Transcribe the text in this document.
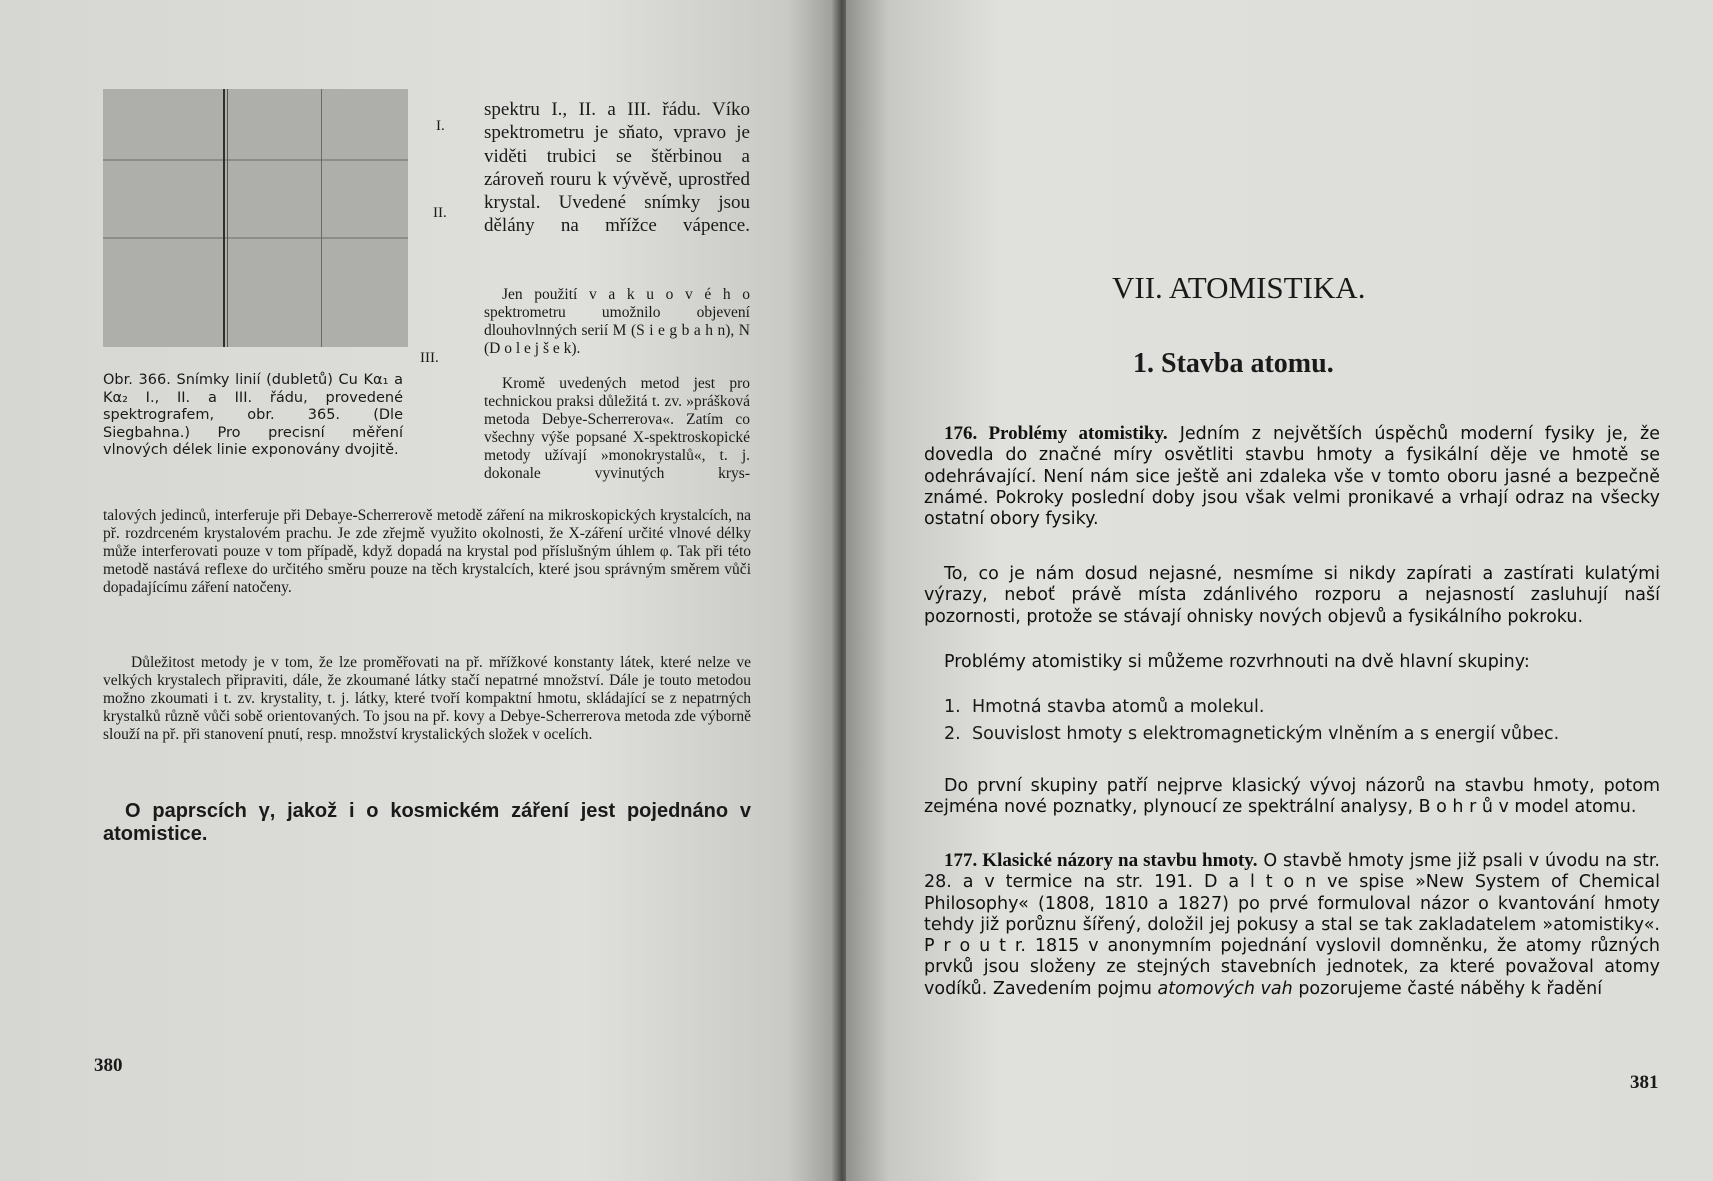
I.
II.
III.

spektru I., II. a III. řádu. Víko spektrometru je sňato, vpravo je viděti trubici se štěrbinou a zároveň rouru k vývěvě, uprostřed krystal. Uvedené snímky jsou dělány na mřížce vápence.

Jen použití v a k u o v é h o spektrometru umožnilo objevení dlouhovlnných serií M (S i e g b a h n), N (D o l e j š e k).

Kromě uvedených metod jest pro technickou praksi důležitá t. zv. »prášková metoda Debye-Scherrerova«. Zatím co všechny výše popsané X-spektroskopické metody užívají »monokrystalů«, t. j. dokonale vyvinutých krys-

Obr. 366. Snímky linií (dubletů) Cu Kα₁ a Kα₂ I., II. a III. řádu, provedené spektrografem, obr. 365. (Dle Siegbahna.) Pro precisní měření vlnových délek linie exponovány dvojitě.

talových jedinců, interferuje při Debaye-Scherrerově metodě záření na mikroskopických krystalcích, na př. rozdrceném krystalovém prachu. Je zde zřejmě využito okolnosti, že X-záření určité vlnové délky může interferovati pouze v tom případě, když dopadá na krystal pod příslušným úhlem φ. Tak při této metodě nastává reflexe do určitého směru pouze na těch krystalcích, které jsou správným směrem vůči dopadajícímu záření natočeny.

Důležitost metody je v tom, že lze proměřovati na př. mřížkové konstanty látek, které nelze ve velkých krystalech připraviti, dále, že zkoumané látky stačí nepatrné množství. Dále je touto metodou možno zkoumati i t. zv. krystality, t. j. látky, které tvoří kompaktní hmotu, skládající se z nepatrných krystalků různě vůči sobě orientovaných. To jsou na př. kovy a Debye-Scherrerova metoda zde výborně slouží na př. při stanovení pnutí, resp. množství krystalických složek v ocelích.

O paprscích γ, jakož i o kosmickém záření jest pojednáno v atomistice.

380
VII. ATOMISTIKA.
1. Stavba atomu.

176. Problémy atomistiky. Jedním z největších úspěchů moderní fysiky je, že dovedla do značné míry osvětliti stavbu hmoty a fysikální děje ve hmotě se odehrávající. Není nám sice ještě ani zdaleka vše v tomto oboru jasné a bezpečně známé. Pokroky poslední doby jsou však velmi pronikavé a vrhají odraz na všecky ostatní obory fysiky.

To, co je nám dosud nejasné, nesmíme si nikdy zapírati a zastírati kulatými výrazy, neboť právě místa zdánlivého rozporu a nejasností zasluhují naší pozornosti, protože se stávají ohnisky nových objevů a fysikálního pokroku.

Problémy atomistiky si můžeme rozvrhnouti na dvě hlavní skupiny:

1. Hmotná stavba atomů a molekul.

2. Souvislost hmoty s elektromagnetickým vlněním a s energií vůbec.

Do první skupiny patří nejprve klasický vývoj názorů na stavbu hmoty, potom zejména nové poznatky, plynoucí ze spektrální analysy, B o h r ů v model atomu.

177. Klasické názory na stavbu hmoty. O stavbě hmoty jsme již psali v úvodu na str. 28. a v termice na str. 191. D a l t o n ve spise »New System of Chemical Philosophy« (1808, 1810 a 1827) po prvé formuloval názor o kvantování hmoty tehdy již porůznu šířený, doložil jej pokusy a stal se tak zakladatelem »atomistiky«. P r o u t r. 1815 v anonymním pojednání vyslovil domněnku, že atomy různých prvků jsou složeny ze stejných stavebních jednotek, za které považoval atomy vodíků. Zavedením pojmu atomových vah pozorujeme časté náběhy k řadění

381
